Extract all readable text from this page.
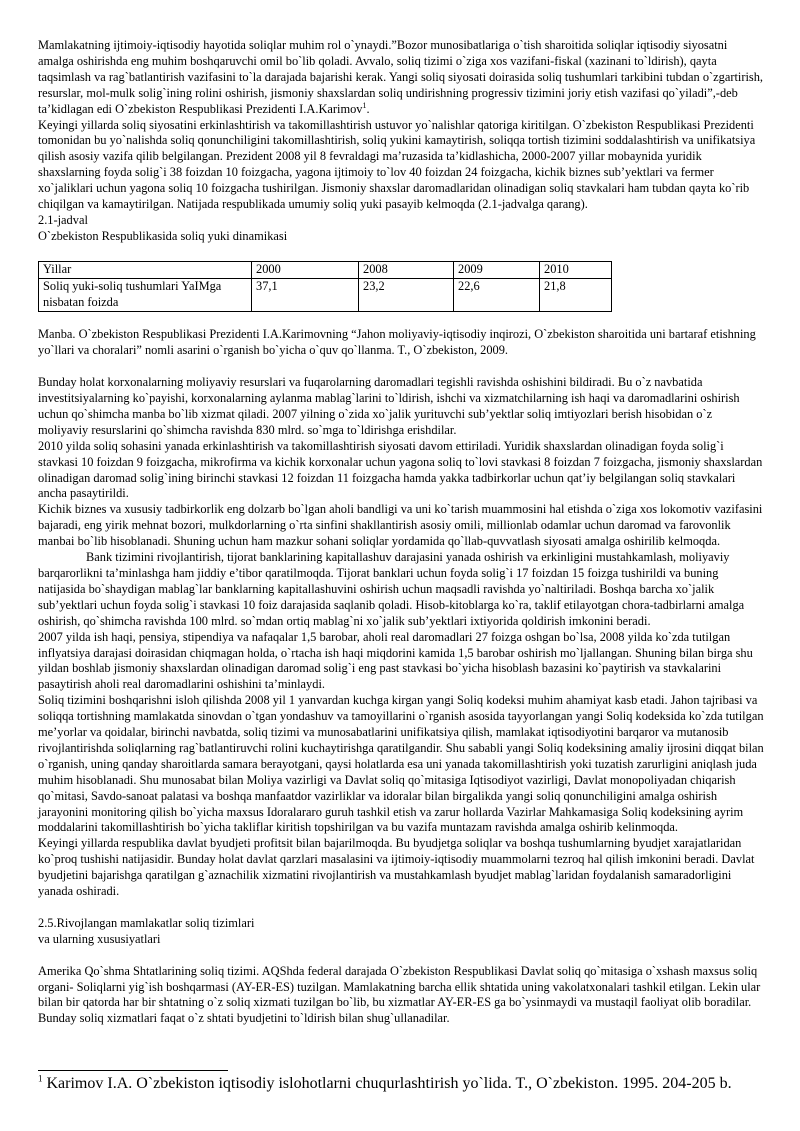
Mamlakatning ijtimoiy-iqtisodiy hayotida soliqlar muhim rol o`ynaydi.”Bozor munosibatlariga o`tish sharoitida soliqlar iqtisodiy siyosatni amalga oshirishda eng muhim boshqaruvchi omil bo`lib qoladi. Avvalo, soliq tizimi o`ziga xos vazifani-fiskal (xazinani to`ldirish), qayta taqsimlash va rag`batlantirish vazifasini to`la darajada bajarishi kerak. Yangi soliq siyosati doirasida soliq tushumlari tarkibini tubdan o`zgartirish, resurslar, mol-mulk solig`ining rolini oshirish, jismoniy shaxslardan soliq undirishning progressiv tizimini joriy etish vazifasi qo`yiladi”,-deb ta’kidlagan edi O`zbekiston Respublikasi Prezidenti I.A.Karimov$^1$.

Keyingi yillarda soliq siyosatini erkinlashtirish va takomillashtirish ustuvor yo`nalishlar qatoriga kiritilgan. O`zbekiston Respublikasi Prezidenti tomonidan bu yo`nalishda soliq qonunchiligini takomillashtirish, soliq yukini kamaytirish, soliqqa tortish tizimini soddalashtirish va unifikatsiya qilish asosiy vazifa qilib belgilangan. Prezident 2008 yil 8 fevraldagi ma’ruzasida ta’kidlashicha, 2000-2007 yillar mobaynida yuridik shaxslarning foyda solig`i 38 foizdan 10 foizgacha, yagona ijtimoiy to`lov 40 foizdan 24 foizgacha, kichik biznes sub’yektlari va fermer xo`jaliklari uchun yagona soliq 10 foizgacha tushirilgan. Jismoniy shaxslar daromadlaridan olinadigan soliq stavkalari ham tubdan qayta ko`rib chiqilgan va kamaytirilgan. Natijada respublikada umumiy soliq yuki pasayib kelmoqda (2.1-jadvalga qarang).

2.1-jadval

O`zbekiston Respublikasida soliq yuki dinamikasi

Yillar	2000	2008	2009	2010
Soliq yuki-soliq tushumlari YaIMga nisbatan foizda	37,1	23,2	22,6	21,8

Manba. O`zbekiston Respublikasi Prezidenti I.A.Karimovning “Jahon moliyaviy-iqtisodiy inqirozi, O`zbekiston sharoitida uni bartaraf etishning yo`llari va choralari” nomli asarini o`rganish bo`yicha o`quv qo`llanma. T., O`zbekiston, 2009.

Bunday holat korxonalarning moliyaviy resurslari va fuqarolarning daromadlari tegishli ravishda oshishini bildiradi. Bu o`z navbatida investitsiyalarning ko`payishi, korxonalarning aylanma mablag`larini to`ldirish, ishchi va xizmatchilarning ish haqi va daromadlarini oshirish uchun qo`shimcha manba bo`lib xizmat qiladi. 2007 yilning o`zida xo`jalik yurituvchi sub’yektlar soliq imtiyozlari berish hisobidan o`z moliyaviy resurslarini qo`shimcha ravishda 830 mlrd. so`mga to`ldirishga erishdilar.

2010 yilda soliq sohasini yanada erkinlashtirish va takomillashtirish siyosati davom ettiriladi. Yuridik shaxslardan olinadigan foyda solig`i stavkasi 10 foizdan 9 foizgacha, mikrofirma va kichik korxonalar uchun yagona soliq to`lovi stavkasi 8 foizdan 7 foizgacha, jismoniy shaxslardan olinadigan daromad solig`ining birinchi stavkasi 12 foizdan 11 foizgacha hamda yakka tadbirkorlar uchun qat’iy belgilangan soliq stavkalari ancha pasaytirildi.

Kichik biznes va xususiy tadbirkorlik eng dolzarb bo`lgan aholi bandligi va uni ko`tarish muammosini hal etishda o`ziga xos lokomotiv vazifasini bajaradi, eng yirik mehnat bozori, mulkdorlarning o`rta sinfini shakllantirish asosiy omili, millionlab odamlar uchun daromad va farovonlik manbai bo`lib hisoblanadi. Shuning uchun ham mazkur sohani soliqlar yordamida qo`llab-quvvatlash siyosati amalga oshirilib kelmoqda.

Bank tizimini rivojlantirish, tijorat banklarining kapitallashuv darajasini yanada oshirish va erkinligini mustahkamlash, moliyaviy barqarorlikni ta’minlashga ham jiddiy e’tibor qaratilmoqda. Tijorat banklari uchun foyda solig`i 17 foizdan 15 foizga tushirildi va buning natijasida bo`shaydigan mablag`lar banklarning kapitallashuvini oshirish uchun maqsadli ravishda yo`naltiriladi. Boshqa barcha xo`jalik sub’yektlari uchun foyda solig`i stavkasi 10 foiz darajasida saqlanib qoladi. Hisob-kitoblarga ko`ra, taklif etilayotgan chora-tadbirlarni amalga oshirish, qo`shimcha ravishda 100 mlrd. so`mdan ortiq mablag`ni xo`jalik sub’yektlari ixtiyorida qoldirish imkonini beradi.

2007 yilda ish haqi, pensiya, stipendiya va nafaqalar 1,5 barobar, aholi real daromadlari 27 foizga oshgan bo`lsa, 2008 yilda ko`zda tutilgan inflyatsiya darajasi doirasidan chiqmagan holda, o`rtacha ish haqi miqdorini kamida 1,5 barobar oshirish mo`ljallangan. Shuning bilan birga shu yildan boshlab jismoniy shaxslardan olinadigan daromad solig`i eng past stavkasi bo`yicha hisoblash bazasini ko`paytirish va stavkalarini pasaytirish aholi real daromadlarini oshishini ta’minlaydi.

Soliq tizimini boshqarishni isloh qilishda 2008 yil 1 yanvardan kuchga kirgan yangi Soliq kodeksi muhim ahamiyat kasb etadi. Jahon tajribasi va soliqqa tortishning mamlakatda sinovdan o`tgan yondashuv va tamoyillarini o`rganish asosida tayyorlangan yangi Soliq kodeksida ko`zda tutilgan me’yorlar va qoidalar, birinchi navbatda, soliq tizimi va munosabatlarini unifikatsiya qilish, mamlakat iqtisodiyotini barqaror va mutanosib rivojlantirishda soliqlarning rag`batlantiruvchi rolini kuchaytirishga qaratilgandir. Shu sababli yangi Soliq kodeksining amaliy ijrosini diqqat bilan o`rganish, uning qanday sharoitlarda samara berayotgani, qaysi holatlarda esa uni yanada takomillashtirish yoki tuzatish zarurligini aniqlash juda muhim hisoblanadi. Shu munosabat bilan Moliya vazirligi va Davlat soliq qo`mitasiga Iqtisodiyot vazirligi, Davlat monopoliyadan chiqarish qo`mitasi, Savdo-sanoat palatasi va boshqa manfaatdor vazirliklar va idoralar bilan birgalikda yangi soliq qonunchiligini amalga oshirish jarayonini monitoring qilish bo`yicha maxsus Idoralararo guruh tashkil etish va zarur hollarda Vazirlar Mahkamasiga Soliq kodeksining ayrim moddalarini takomillashtirish bo`yicha takliflar kiritish topshirilgan va bu vazifa muntazam ravishda amalga oshirib kelinmoqda.

Keyingi yillarda respublika davlat byudjeti profitsit bilan bajarilmoqda. Bu byudjetga soliqlar va boshqa tushumlarning byudjet xarajatlaridan ko`proq tushishi natijasidir. Bunday holat davlat qarzlari masalasini va ijtimoiy-iqtisodiy muammolarni tezroq hal qilish imkonini beradi. Davlat byudjetini bajarishga qaratilgan g`aznachilik xizmatini rivojlantirish va mustahkamlash byudjet mablag`laridan foydalanish samaradorligini yanada oshiradi.

2.5.Rivojlangan mamlakatlar soliq tizimlari

va ularning xususiyatlari

Amerika Qo`shma Shtatlarining soliq tizimi. AQShda federal darajada O`zbekiston Respublikasi Davlat soliq qo`mitasiga o`xshash maxsus soliq organi- Soliqlarni yig`ish boshqarmasi (AY-ER-ES) tuzilgan. Mamlakatning barcha ellik shtatida uning vakolatxonalari tashkil etilgan. Lekin ular bilan bir qatorda har bir shtatning o`z soliq xizmati tuzilgan bo`lib, bu xizmatlar AY-ER-ES ga bo`ysinmaydi va mustaqil faoliyat olib boradilar. Bunday soliq xizmatlari faqat o`z shtati byudjetini to`ldirish bilan shug`ullanadilar.

$^1$ Karimov I.A. O`zbekiston iqtisodiy islohotlarni chuqurlashtirish yo`lida. T., O`zbekiston. 1995. 204-205 b.
